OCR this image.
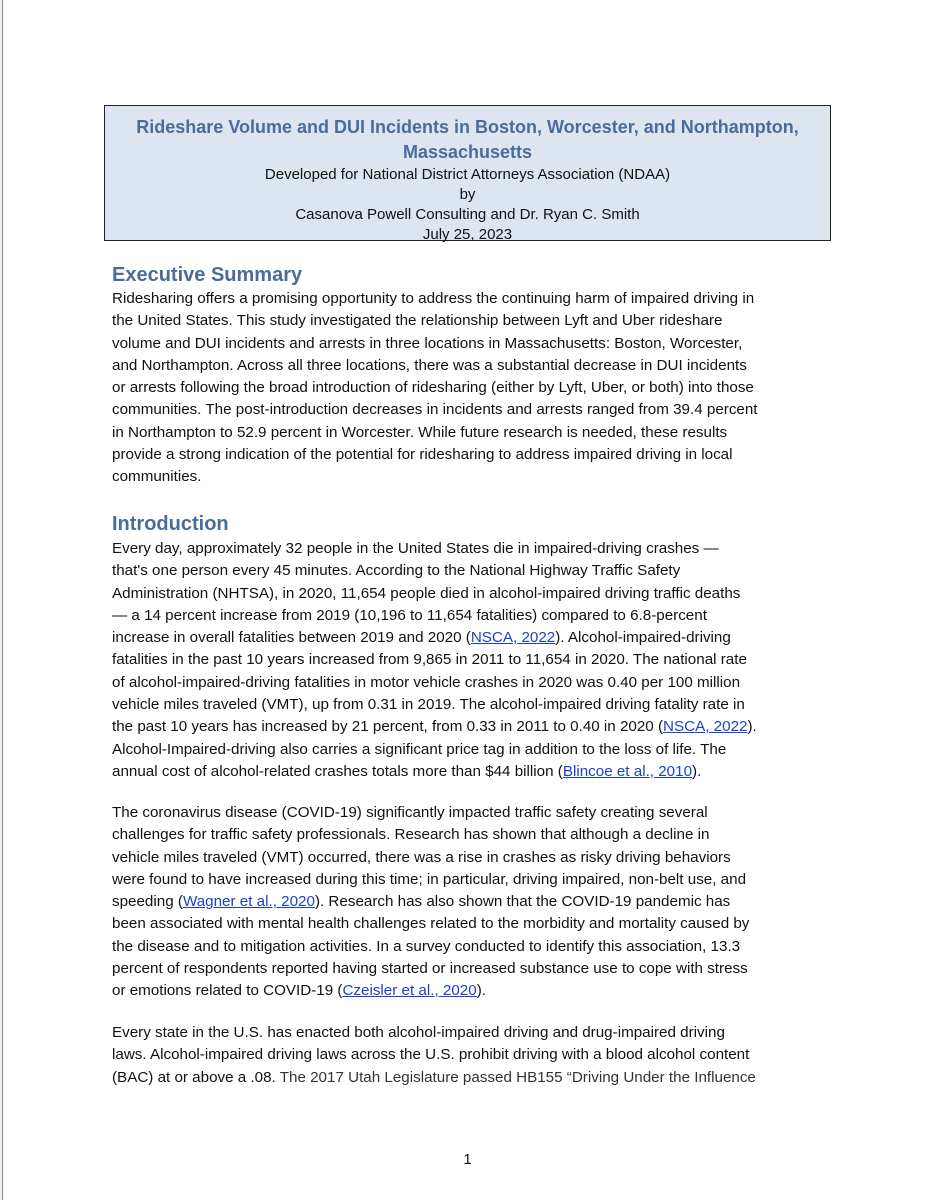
Rideshare Volume and DUI Incidents in Boston, Worcester, and Northampton,
Massachusetts
Developed for National District Attorneys Association (NDAA)
by
Casanova Powell Consulting and Dr. Ryan C. Smith
July 25, 2023
Executive Summary
Ridesharing offers a promising opportunity to address the continuing harm of impaired driving in
the United States. This study investigated the relationship between Lyft and Uber rideshare
volume and DUI incidents and arrests in three locations in Massachusetts: Boston, Worcester,
and Northampton. Across all three locations, there was a substantial decrease in DUI incidents
or arrests following the broad introduction of ridesharing (either by Lyft, Uber, or both) into those
communities. The post-introduction decreases in incidents and arrests ranged from 39.4 percent
in Northampton to 52.9 percent in Worcester. While future research is needed, these results
provide a strong indication of the potential for ridesharing to address impaired driving in local
communities.
Introduction
Every day, approximately 32 people in the United States die in impaired-driving crashes —
that's one person every 45 minutes. According to the National Highway Traffic Safety
Administration (NHTSA), in 2020, 11,654 people died in alcohol-impaired driving traffic deaths
— a 14 percent increase from 2019 (10,196 to 11,654 fatalities) compared to 6.8-percent
increase in overall fatalities between 2019 and 2020 (NSCA, 2022). Alcohol-impaired-driving
fatalities in the past 10 years increased from 9,865 in 2011 to 11,654 in 2020. The national rate
of alcohol-impaired-driving fatalities in motor vehicle crashes in 2020 was 0.40 per 100 million
vehicle miles traveled (VMT), up from 0.31 in 2019. The alcohol-impaired driving fatality rate in
the past 10 years has increased by 21 percent, from 0.33 in 2011 to 0.40 in 2020 (NSCA, 2022).
Alcohol-Impaired-driving also carries a significant price tag in addition to the loss of life. The
annual cost of alcohol-related crashes totals more than $44 billion (Blincoe et al., 2010).
The coronavirus disease (COVID-19) significantly impacted traffic safety creating several
challenges for traffic safety professionals. Research has shown that although a decline in
vehicle miles traveled (VMT) occurred, there was a rise in crashes as risky driving behaviors
were found to have increased during this time; in particular, driving impaired, non-belt use, and
speeding (Wagner et al., 2020). Research has also shown that the COVID-19 pandemic has
been associated with mental health challenges related to the morbidity and mortality caused by
the disease and to mitigation activities. In a survey conducted to identify this association, 13.3
percent of respondents reported having started or increased substance use to cope with stress
or emotions related to COVID-19 (Czeisler et al., 2020).
Every state in the U.S. has enacted both alcohol-impaired driving and drug-impaired driving
laws. Alcohol-impaired driving laws across the U.S. prohibit driving with a blood alcohol content
(BAC) at or above a .08. The 2017 Utah Legislature passed HB155 “Driving Under the Influence
1
